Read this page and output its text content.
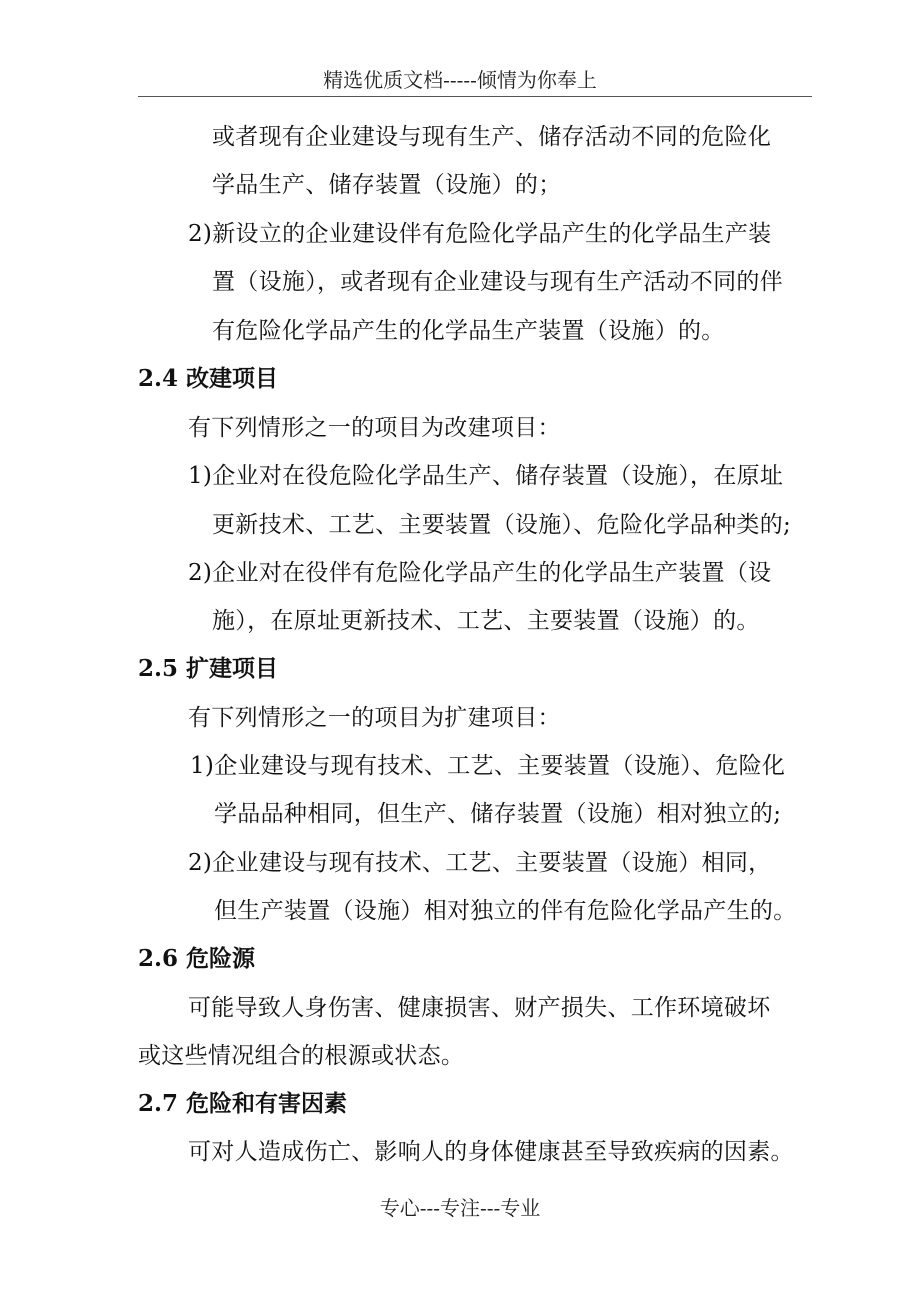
精选优质文档-----倾情为你奉上
或者现有企业建设与现有生产、储存活动不同的危险化
学品生产、储存装置（设施）的；
2)新设立的企业建设伴有危险化学品产生的化学品生产装
置（设施），或者现有企业建设与现有生产活动不同的伴
有危险化学品产生的化学品生产装置（设施）的。
2.4 改建项目
有下列情形之一的项目为改建项目：
1)企业对在役危险化学品生产、储存装置（设施），在原址
更新技术、工艺、主要装置（设施）、危险化学品种类的;
2)企业对在役伴有危险化学品产生的化学品生产装置（设
施），在原址更新技术、工艺、主要装置（设施）的。
2.5 扩建项目
有下列情形之一的项目为扩建项目：
1)企业建设与现有技术、工艺、主要装置（设施）、危险化
学品品种相同，但生产、储存装置（设施）相对独立的;
2)企业建设与现有技术、工艺、主要装置（设施）相同，
但生产装置（设施）相对独立的伴有危险化学品产生的。
2.6 危险源
可能导致人身伤害、健康损害、财产损失、工作环境破坏
或这些情况组合的根源或状态。
2.7 危险和有害因素
可对人造成伤亡、影响人的身体健康甚至导致疾病的因素。
专心---专注---专业
